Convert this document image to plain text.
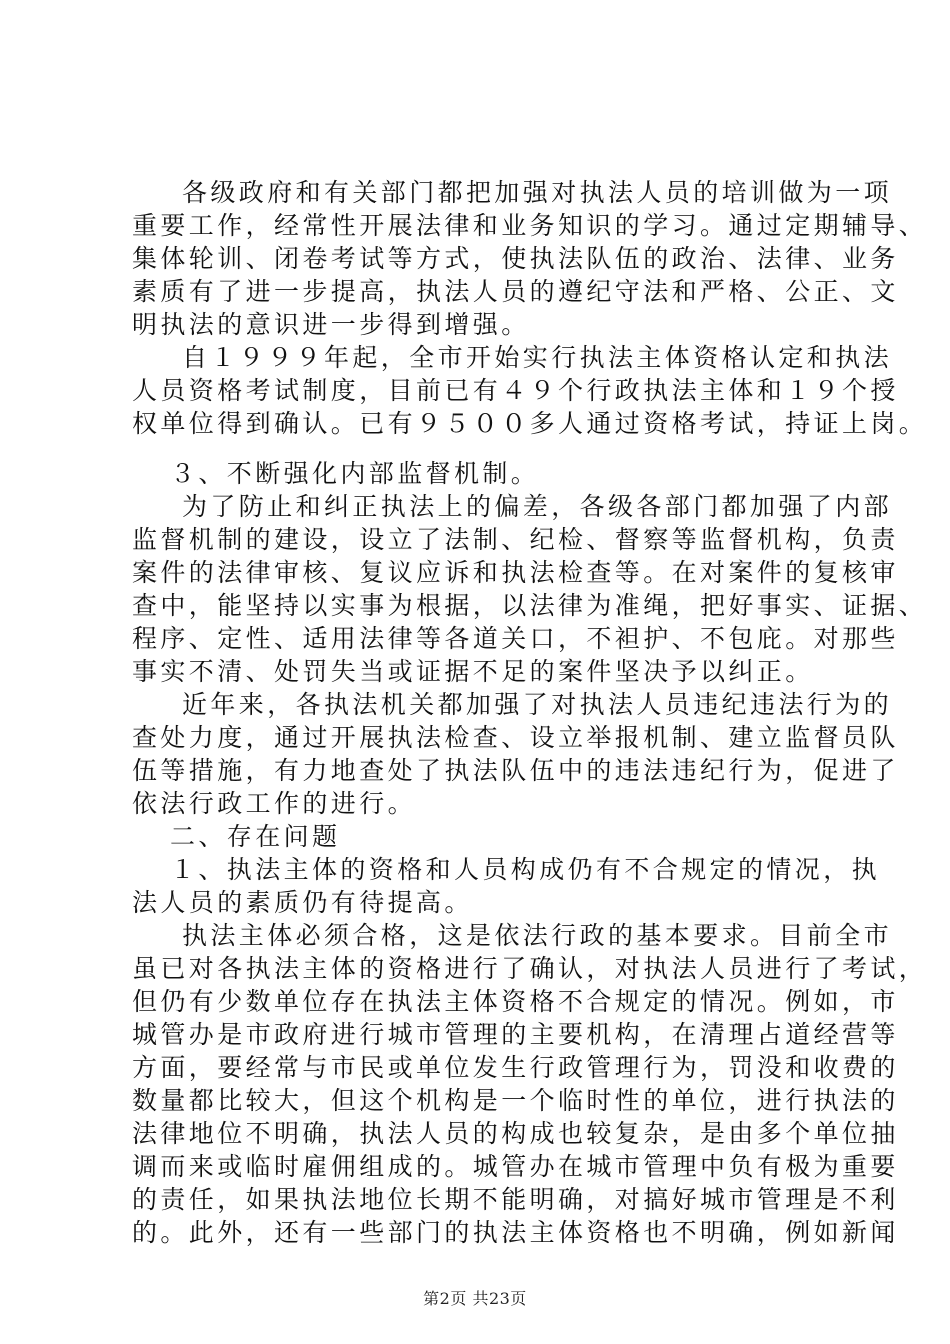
各级政府和有关部门都把加强对执法人员的培训做为一项
重要工作，经常性开展法律和业务知识的学习。通过定期辅导、
集体轮训、闭卷考试等方式，使执法队伍的政治、法律、业务
素质有了进一步提高，执法人员的遵纪守法和严格、公正、文
明执法的意识进一步得到增强。
自１９９９年起，全市开始实行执法主体资格认定和执法
人员资格考试制度，目前已有４９个行政执法主体和１９个授
权单位得到确认。已有９５００多人通过资格考试，持证上岗。
３、不断强化内部监督机制。
为了防止和纠正执法上的偏差，各级各部门都加强了内部
监督机制的建设，设立了法制、纪检、督察等监督机构，负责
案件的法律审核、复议应诉和执法检查等。在对案件的复核审
查中，能坚持以实事为根据，以法律为准绳，把好事实、证据、
程序、定性、适用法律等各道关口，不袒护、不包庇。对那些
事实不清、处罚失当或证据不足的案件坚决予以纠正。
近年来，各执法机关都加强了对执法人员违纪违法行为的
查处力度，通过开展执法检查、设立举报机制、建立监督员队
伍等措施，有力地查处了执法队伍中的违法违纪行为，促进了
依法行政工作的进行。
二、存在问题
１、执法主体的资格和人员构成仍有不合规定的情况，执
法人员的素质仍有待提高。
执法主体必须合格，这是依法行政的基本要求。目前全市
虽已对各执法主体的资格进行了确认，对执法人员进行了考试，
但仍有少数单位存在执法主体资格不合规定的情况。例如，市
城管办是市政府进行城市管理的主要机构，在清理占道经营等
方面，要经常与市民或单位发生行政管理行为，罚没和收费的
数量都比较大，但这个机构是一个临时性的单位，进行执法的
法律地位不明确，执法人员的构成也较复杂，是由多个单位抽
调而来或临时雇佣组成的。城管办在城市管理中负有极为重要
的责任，如果执法地位长期不能明确，对搞好城市管理是不利
的。此外，还有一些部门的执法主体资格也不明确，例如新闻
第2页 共23页
